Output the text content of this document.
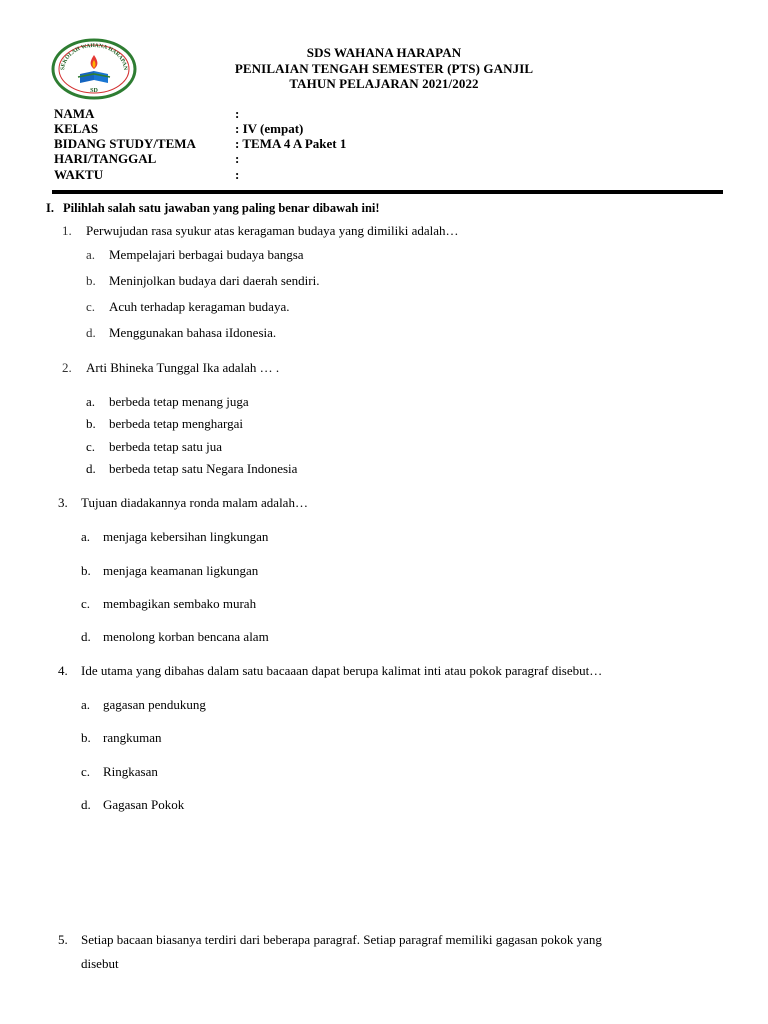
SEKOLAH WAHANA HARAPAN
SD
SDS WAHANA HARAPAN
PENILAIAN TENGAH SEMESTER (PTS) GANJIL
TAHUN PELAJARAN 2021/2022
NAMA	:
KELAS	: IV (empat)
BIDANG STUDY/TEMA	: TEMA 4 A Paket 1
HARI/TANGGAL	:
WAKTU	:
I. Pilihlah salah satu jawaban yang paling benar dibawah ini!
1. Perwujudan rasa syukur atas keragaman budaya yang dimiliki adalah…
a. Mempelajari berbagai budaya bangsa
b. Meninjolkan budaya dari daerah sendiri.
c. Acuh terhadap keragaman budaya.
d. Menggunakan bahasa iIdonesia.
2. Arti Bhineka Tunggal Ika adalah … .
a. berbeda tetap menang juga
b. berbeda tetap menghargai
c. berbeda tetap satu jua
d. berbeda tetap satu Negara Indonesia
3. Tujuan diadakannya ronda malam adalah…
a. menjaga kebersihan lingkungan
b. menjaga keamanan ligkungan
c. membagikan sembako murah
d. menolong korban bencana alam
4. Ide utama yang dibahas dalam satu bacaaan dapat berupa kalimat inti atau pokok paragraf disebut…
a. gagasan pendukung
b. rangkuman
c. Ringkasan
d. Gagasan Pokok
5. Setiap bacaan biasanya terdiri dari beberapa paragraf. Setiap paragraf memiliki gagasan pokok yang
disebut
